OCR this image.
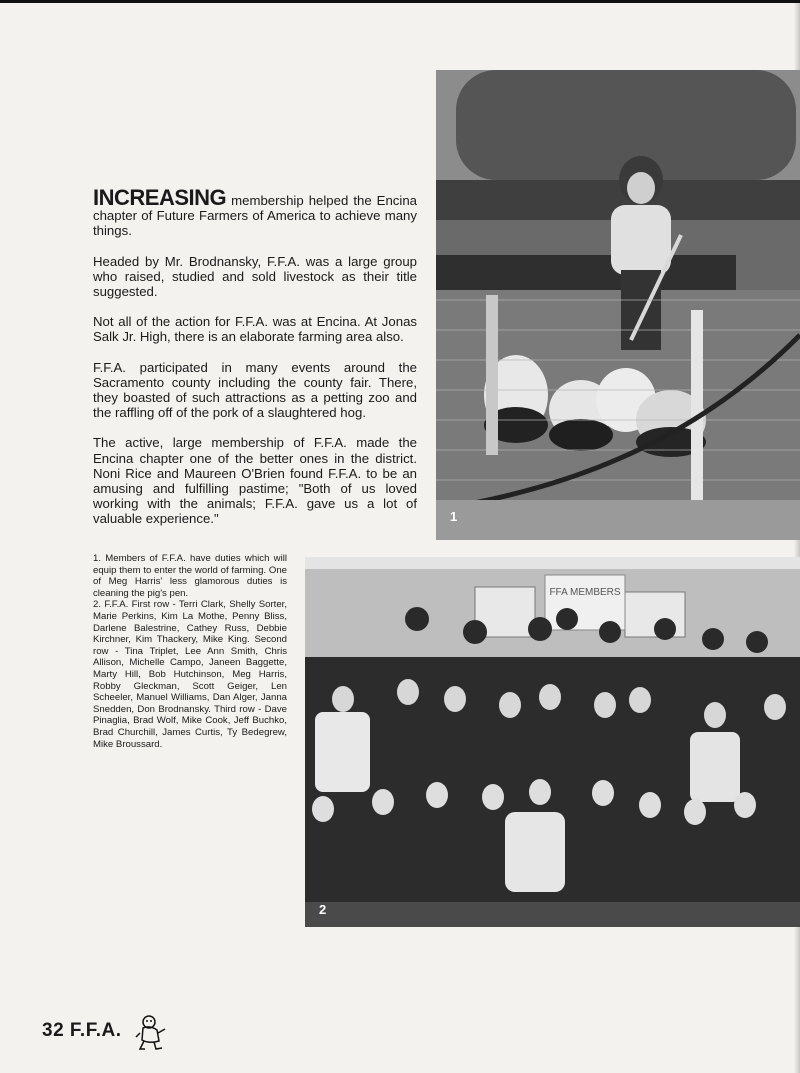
1
FFA MEMBERS
2

INCREASING membership helped the Encina chapter of Future Farmers of America to achieve many things.

Headed by Mr. Brodnansky, F.F.A. was a large group who raised, studied and sold livestock as their title suggested.

Not all of the action for F.F.A. was at Encina. At Jonas Salk Jr. High, there is an elaborate farming area also.

F.F.A. participated in many events around the Sacramento county including the county fair. There, they boasted of such attractions as a petting zoo and the raffling off of the pork of a slaughtered hog.

The active, large membership of F.F.A. made the Encina chapter one of the better ones in the district. Noni Rice and Maureen O'Brien found F.F.A. to be an amusing and fulfilling pastime; "Both of us loved working with the animals; F.F.A. gave us a lot of valuable experience."

1. Members of F.F.A. have duties which will equip them to enter the world of farming. One of Meg Harris' less glamorous duties is cleaning the pig's pen.

2. F.F.A. First row - Terri Clark, Shelly Sorter, Marie Perkins, Kim La Mothe, Penny Bliss, Darlene Balestrine, Cathey Russ, Debbie Kirchner, Kim Thackery, Mike King. Second row - Tina Triplet, Lee Ann Smith, Chris Allison, Michelle Campo, Janeen Baggette, Marty Hill, Bob Hutchinson, Meg Harris, Robby Gleckman, Scott Geiger, Len Scheeler, Manuel Williams, Dan Alger, Janna Snedden, Don Brodnansky. Third row - Dave Pinaglia, Brad Wolf, Mike Cook, Jeff Buchko, Brad Churchill, James Curtis, Ty Bedegrew, Mike Broussard.

32 F.F.A.
